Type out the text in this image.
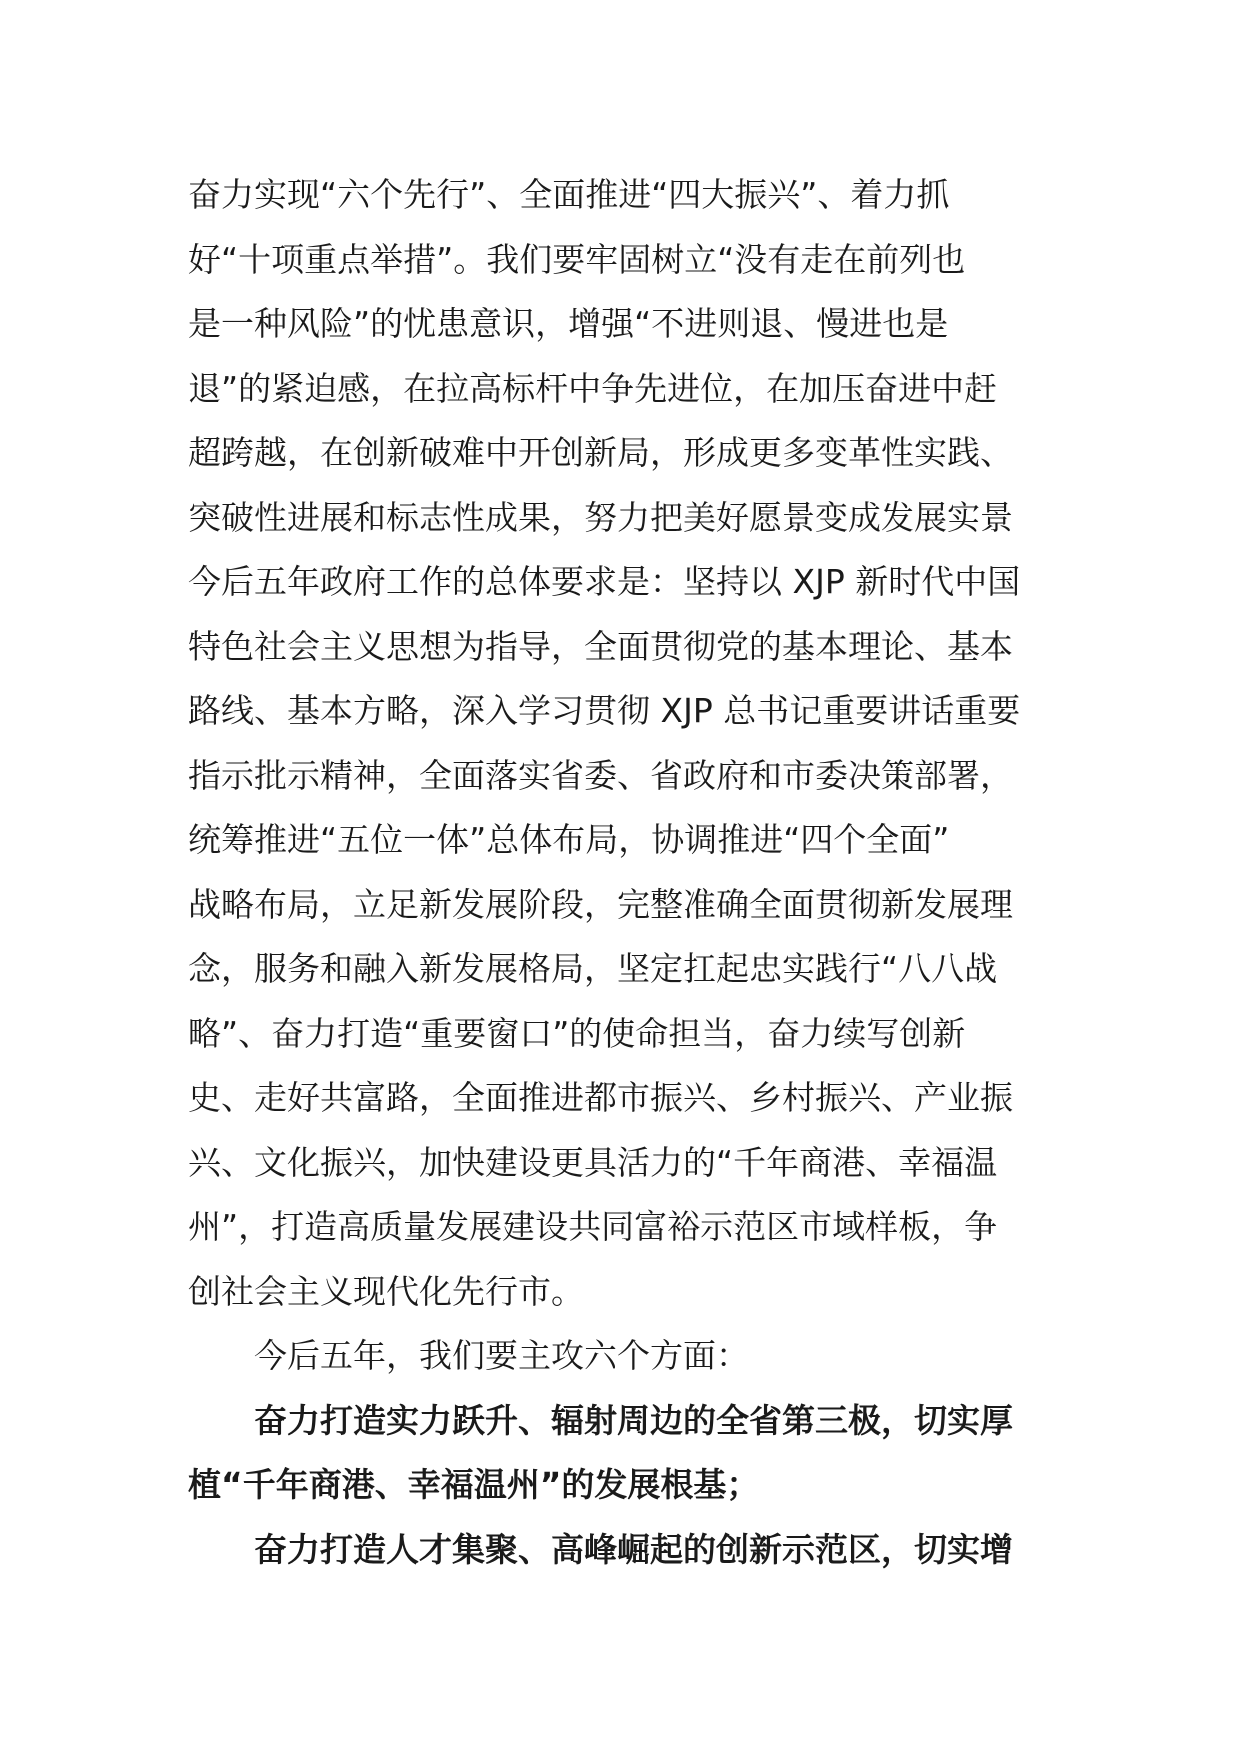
奋力实现“六个先行”、全面推进“四大振兴”、着力抓
好“十项重点举措”。我们要牢固树立“没有走在前列也
是一种风险”的忧患意识，增强“不进则退、慢进也是
退”的紧迫感，在拉高标杆中争先进位，在加压奋进中赶
超跨越，在创新破难中开创新局，形成更多变革性实践、
突破性进展和标志性成果，努力把美好愿景变成发展实景
今后五年政府工作的总体要求是：坚持以 XJP 新时代中国
特色社会主义思想为指导，全面贯彻党的基本理论、基本
路线、基本方略，深入学习贯彻 XJP 总书记重要讲话重要
指示批示精神，全面落实省委、省政府和市委决策部署，
统筹推进“五位一体”总体布局，协调推进“四个全面”
战略布局，立足新发展阶段，完整准确全面贯彻新发展理
念，服务和融入新发展格局，坚定扛起忠实践行“八八战
略”、奋力打造“重要窗口”的使命担当，奋力续写创新
史、走好共富路，全面推进都市振兴、乡村振兴、产业振
兴、文化振兴，加快建设更具活力的“千年商港、幸福温
州”，打造高质量发展建设共同富裕示范区市域样板，争
创社会主义现代化先行市。
今后五年，我们要主攻六个方面：
奋力打造实力跃升、辐射周边的全省第三极，切实厚
植“千年商港、幸福温州”的发展根基；
奋力打造人才集聚、高峰崛起的创新示范区，切实增
